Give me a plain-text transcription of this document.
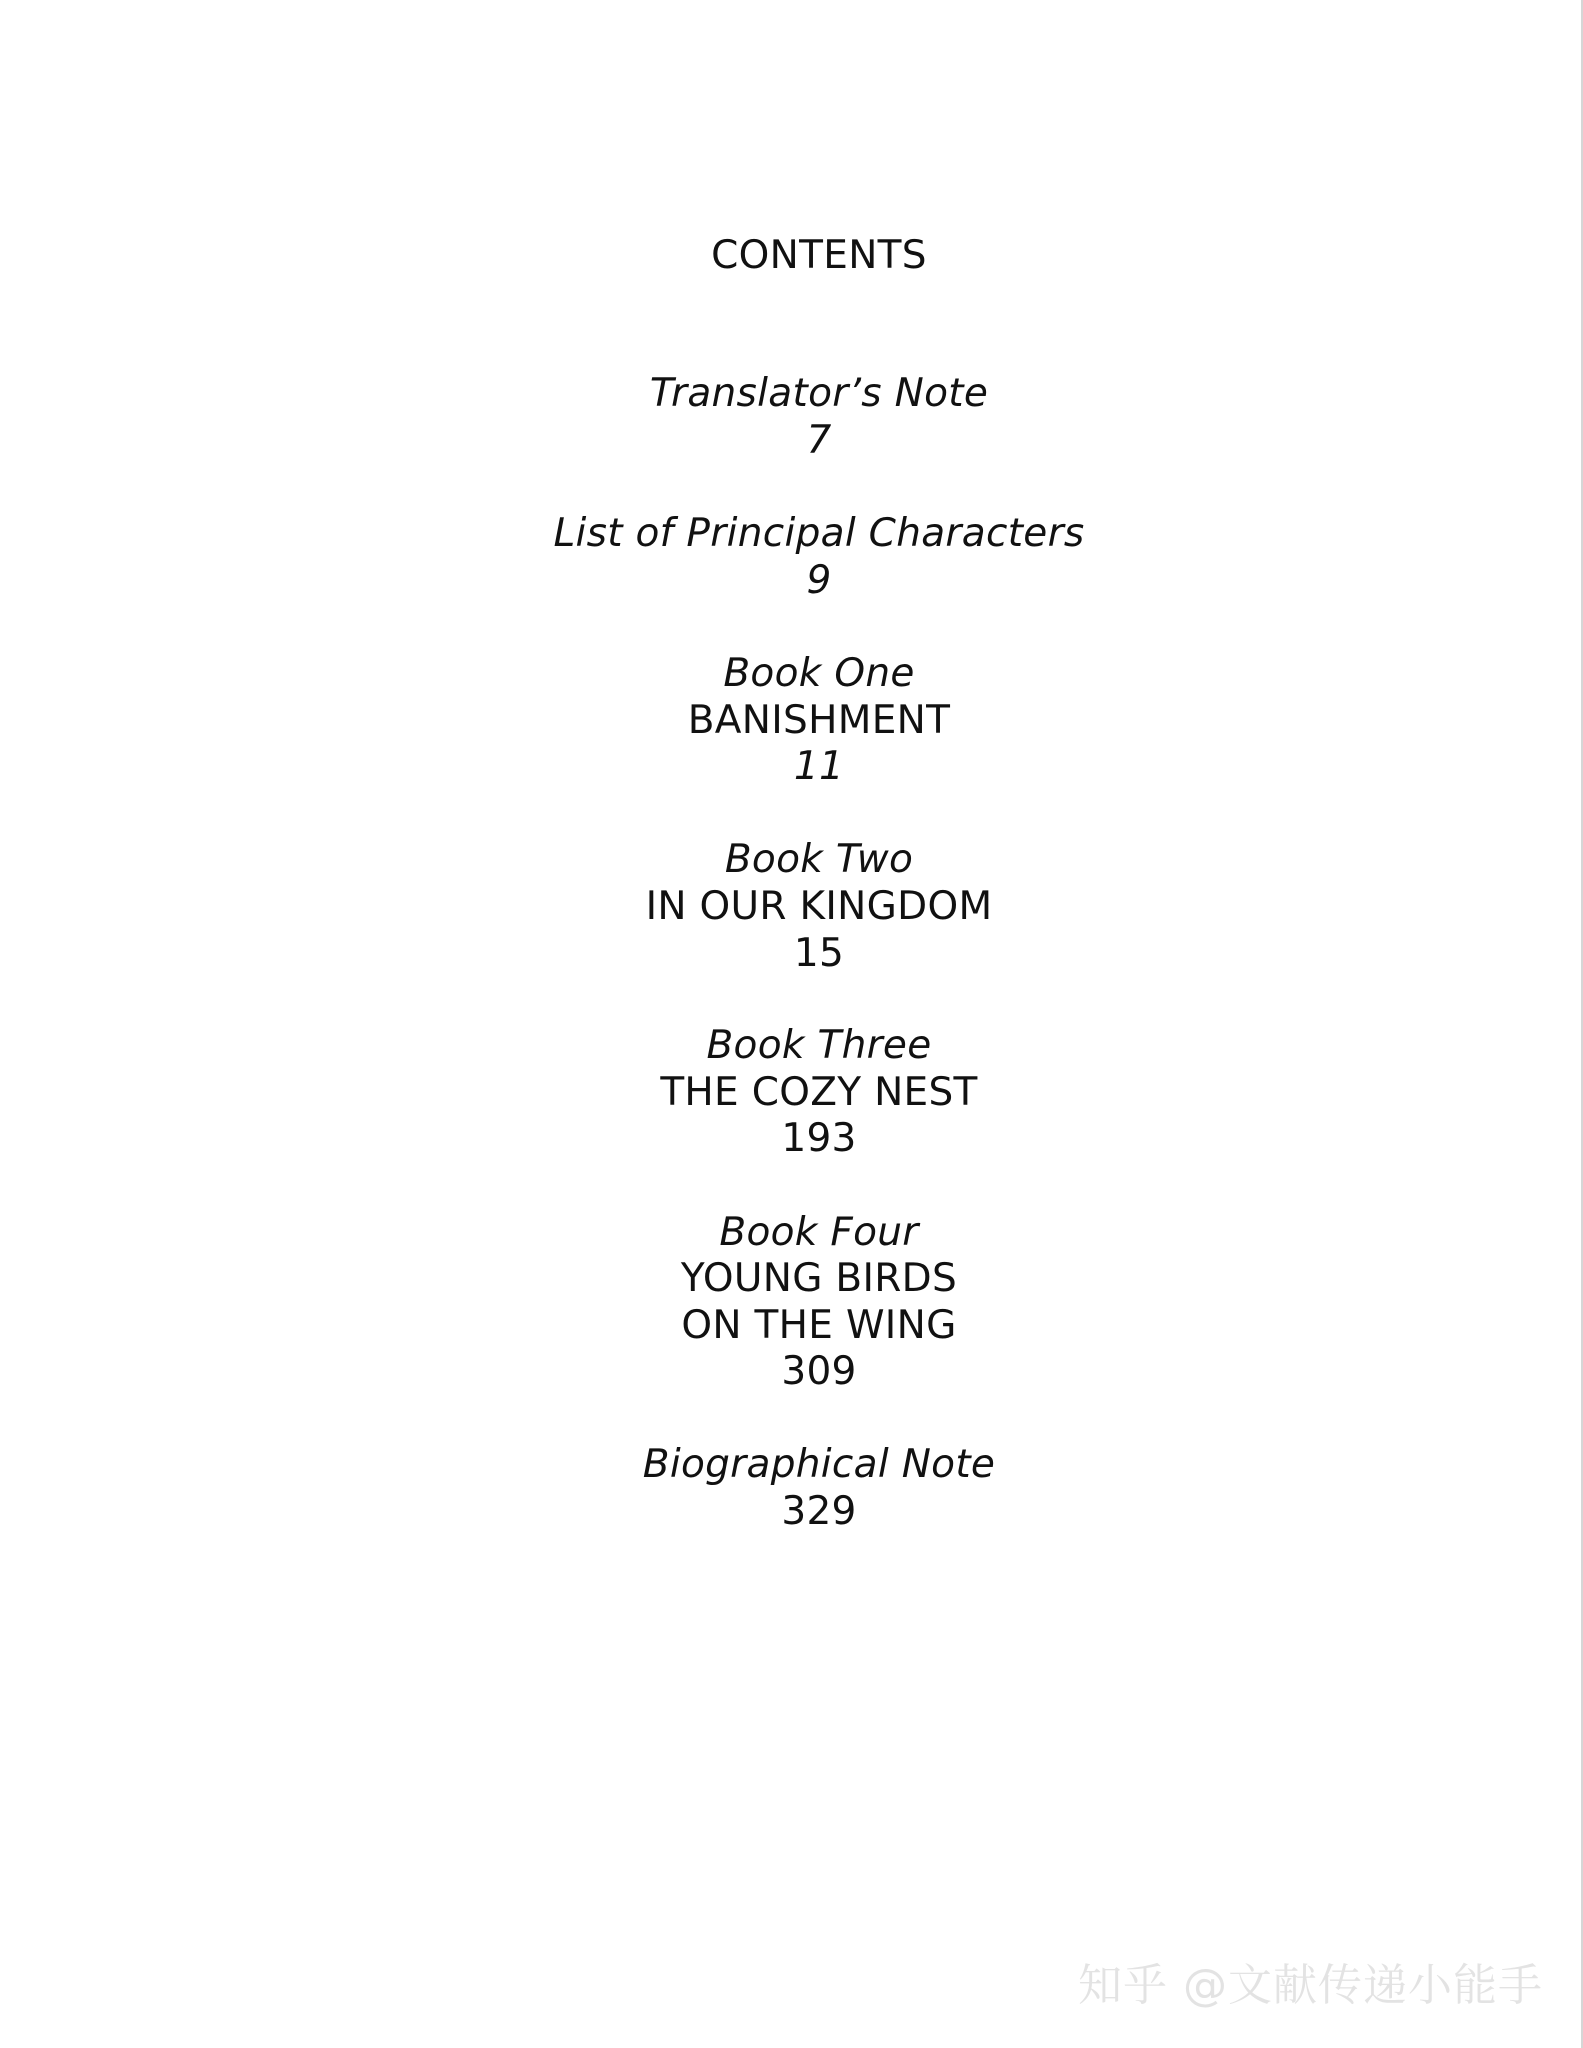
CONTENTS
Translator’s Note
7
List of Principal Characters
9
Book One
BANISHMENT
11
Book Two
IN OUR KINGDOM
15
Book Three
THE COZY NEST
193
Book Four
YOUNG BIRDS
ON THE WING
309
Biographical Note
329
知乎 @文献传递小能手
